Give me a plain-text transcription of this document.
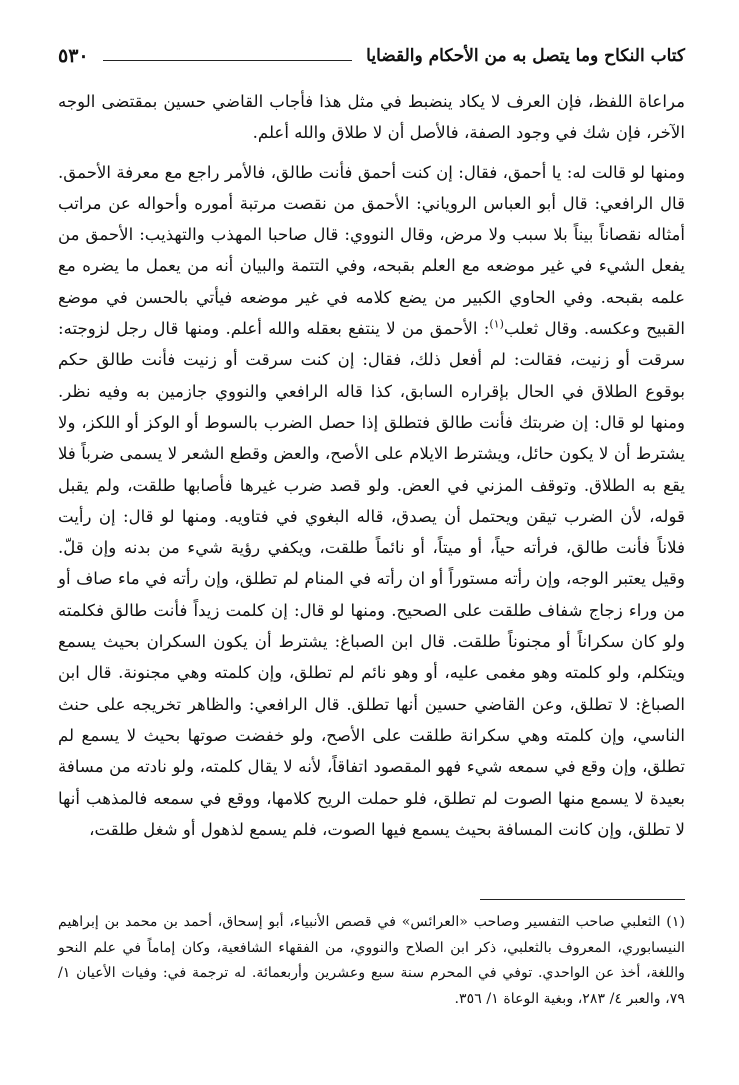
كتاب النكاح وما يتصل به من الأحكام والقضايا
٥٣٠

مراعاة اللفظ، فإن العرف لا يكاد ينضبط في مثل هذا فأجاب القاضي حسين بمقتضى الوجه الآخر، فإن شك في وجود الصفة، فالأصل أن لا طلاق والله أعلم.

ومنها لو قالت له: يا أحمق، فقال: إن كنت أحمق فأنت طالق، فالأمر راجع مع معرفة الأحمق. قال الرافعي: قال أبو العباس الروياني: الأحمق من نقصت مرتبة أموره وأحواله عن مراتب أمثاله نقصاناً بيناً بلا سبب ولا مرض، وقال النووي: قال صاحبا المهذب والتهذيب: الأحمق من يفعل الشيء في غير موضعه مع العلم بقبحه، وفي التتمة والبيان أنه من يعمل ما يضره مع علمه بقبحه. وفي الحاوي الكبير من يضع كلامه في غير موضعه فيأتي بالحسن في موضع القبيح وعكسه. وقال ثعلب$^{(١)}$: الأحمق من لا ينتفع بعقله والله أعلم. ومنها قال رجل لزوجته: سرقت أو زنيت، فقالت: لم أفعل ذلك، فقال: إن كنت سرقت أو زنيت فأنت طالق حكم بوقوع الطلاق في الحال بإقراره السابق، كذا قاله الرافعي والنووي جازمين به وفيه نظر. ومنها لو قال: إن ضربتك فأنت طالق فتطلق إذا حصل الضرب بالسوط أو الوكز أو اللكز، ولا يشترط أن لا يكون حائل، ويشترط الايلام على الأصح، والعض وقطع الشعر لا يسمى ضرباً فلا يقع به الطلاق. وتوقف المزني في العض. ولو قصد ضرب غيرها فأصابها طلقت، ولم يقبل قوله، لأن الضرب تيقن ويحتمل أن يصدق، قاله البغوي في فتاويه. ومنها لو قال: إن رأيت فلاناً فأنت طالق، فرأته حياً، أو ميتاً، أو نائماً طلقت، ويكفي رؤية شيء من بدنه وإن قلّ. وقيل يعتبر الوجه، وإن رأته مستوراً أو ان رأته في المنام لم تطلق، وإن رأته في ماء صاف أو من وراء زجاج شفاف طلقت على الصحيح. ومنها لو قال: إن كلمت زيداً فأنت طالق فكلمته ولو كان سكراناً أو مجنوناً طلقت. قال ابن الصباغ: يشترط أن يكون السكران بحيث يسمع ويتكلم، ولو كلمته وهو مغمى عليه، أو وهو نائم لم تطلق، وإن كلمته وهي مجنونة. قال ابن الصباغ: لا تطلق، وعن القاضي حسين أنها تطلق. قال الرافعي: والظاهر تخريجه على حنث الناسي، وإن كلمته وهي سكرانة طلقت على الأصح، ولو خفضت صوتها بحيث لا يسمع لم تطلق، وإن وقع في سمعه شيء فهو المقصود اتفاقاً، لأنه لا يقال كلمته، ولو نادته من مسافة بعيدة لا يسمع منها الصوت لم تطلق، فلو حملت الريح كلامها، ووقع في سمعه فالمذهب أنها لا تطلق، وإن كانت المسافة بحيث يسمع فيها الصوت، فلم يسمع لذهول أو شغل طلقت،

(١) الثعلبي صاحب التفسير وصاحب «العرائس» في قصص الأنبياء، أبو إسحاق، أحمد بن محمد بن إبراهيم النيسابوري، المعروف بالثعلبي، ذكر ابن الصلاح والنووي، من الفقهاء الشافعية، وكان إماماً في علم النحو واللغة، أخذ عن الواحدي. توفي في المحرم سنة سبع وعشرين وأربعمائة. له ترجمة في: وفيات الأعيان ١/ ٧٩، والعبر ٤/ ٢٨٣، وبغية الوعاة ١/ ٣٥٦.
